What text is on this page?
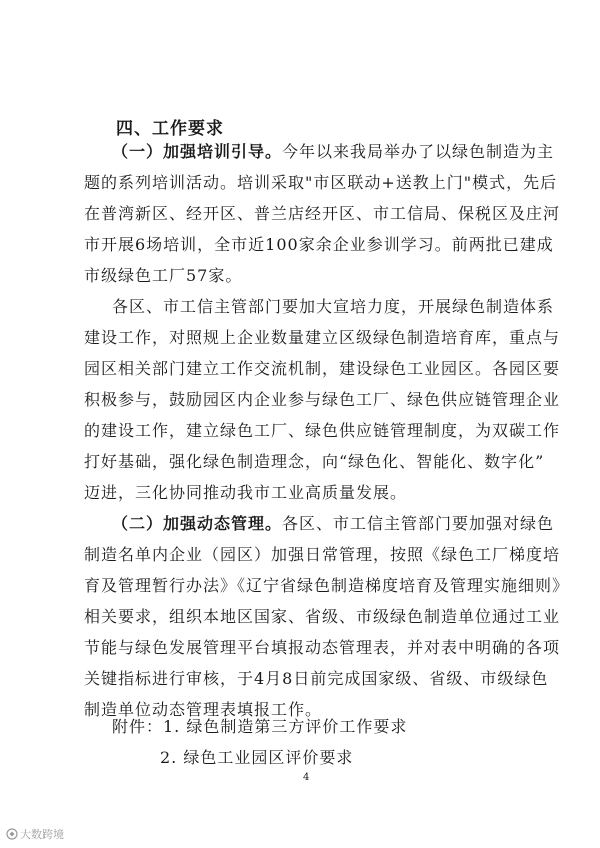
四、工作要求
（一）加强培训引导。今年以来我局举办了以绿色制造为主
题的系列培训活动。培训采取"市区联动+送教上门"模式，先后
在普湾新区、经开区、普兰店经开区、市工信局、保税区及庄河
市开展6场培训，全市近100家余企业参训学习。前两批已建成
市级绿色工厂57家。
各区、市工信主管部门要加大宣培力度，开展绿色制造体系
建设工作，对照规上企业数量建立区级绿色制造培育库，重点与
园区相关部门建立工作交流机制，建设绿色工业园区。各园区要
积极参与，鼓励园区内企业参与绿色工厂、绿色供应链管理企业
的建设工作，建立绿色工厂、绿色供应链管理制度，为双碳工作
打好基础，强化绿色制造理念，向“绿色化、智能化、数字化”
迈进，三化协同推动我市工业高质量发展。
（二）加强动态管理。各区、市工信主管部门要加强对绿色
制造名单内企业（园区）加强日常管理，按照《绿色工厂梯度培
育及管理暂行办法》《辽宁省绿色制造梯度培育及管理实施细则》
相关要求，组织本地区国家、省级、市级绿色制造单位通过工业
节能与绿色发展管理平台填报动态管理表，并对表中明确的各项
关键指标进行审核，于4月8日前完成国家级、省级、市级绿色
制造单位动态管理表填报工作。
附件：1. 绿色制造第三方评价工作要求
2. 绿色工业园区评价要求
4
大数跨境
